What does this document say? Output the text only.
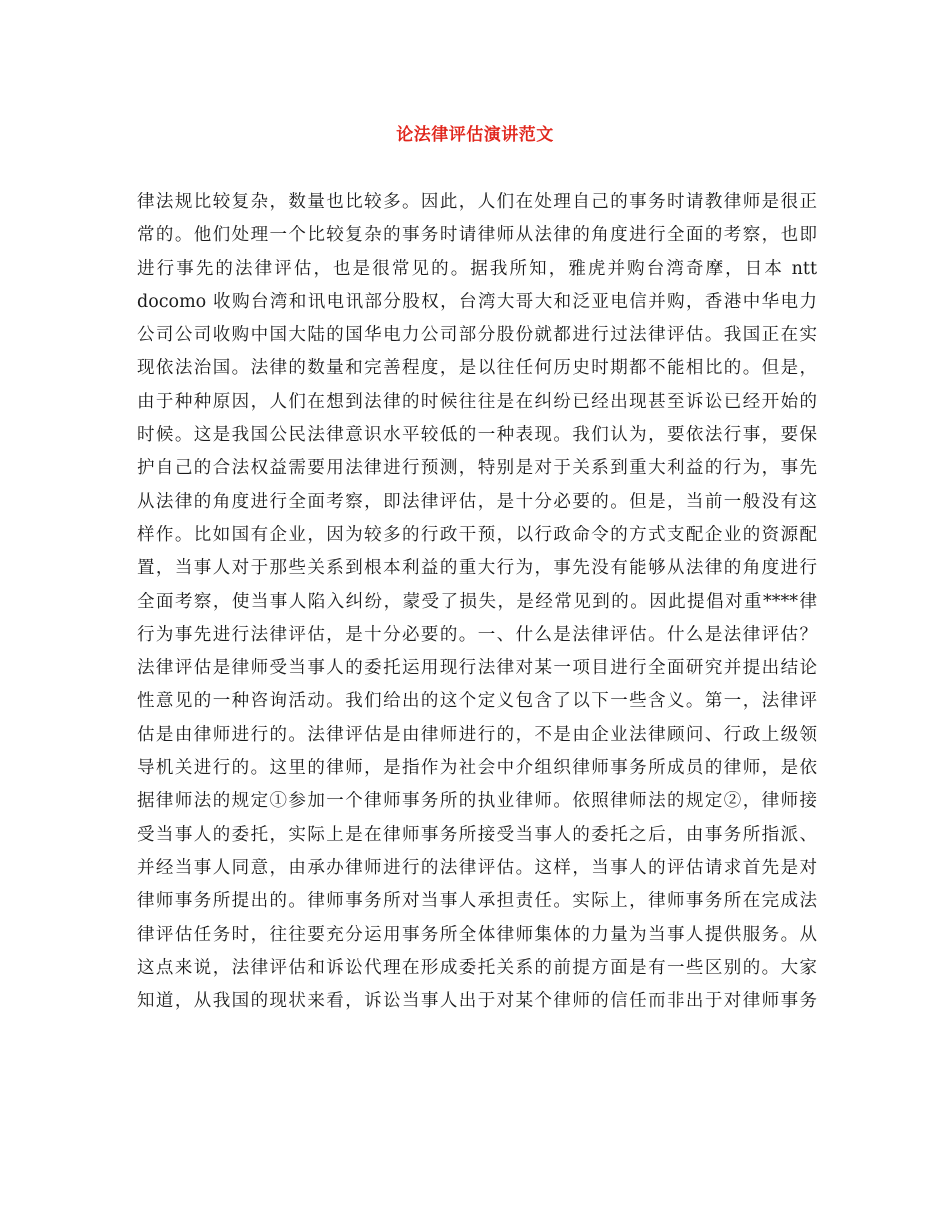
论法律评估演讲范文
律法规比较复杂，数量也比较多。因此，人们在处理自己的事务时请教律师是很正
常的。他们处理一个比较复杂的事务时请律师从法律的角度进行全面的考察，也即
进行事先的法律评估，也是很常见的。据我所知，雅虎并购台湾奇摩，日本 ntt
docomo 收购台湾和讯电讯部分股权，台湾大哥大和泛亚电信并购，香港中华电力
公司公司收购中国大陆的国华电力公司部分股份就都进行过法律评估。我国正在实
现依法治国。法律的数量和完善程度，是以往任何历史时期都不能相比的。但是，
由于种种原因，人们在想到法律的时候往往是在纠纷已经出现甚至诉讼已经开始的
时候。这是我国公民法律意识水平较低的一种表现。我们认为，要依法行事，要保
护自己的合法权益需要用法律进行预测，特别是对于关系到重大利益的行为，事先
从法律的角度进行全面考察，即法律评估，是十分必要的。但是，当前一般没有这
样作。比如国有企业，因为较多的行政干预，以行政命令的方式支配企业的资源配
置，当事人对于那些关系到根本利益的重大行为，事先没有能够从法律的角度进行
全面考察，使当事人陷入纠纷，蒙受了损失，是经常见到的。因此提倡对重****律
行为事先进行法律评估，是十分必要的。一、什么是法律评估。什么是法律评估？
法律评估是律师受当事人的委托运用现行法律对某一项目进行全面研究并提出结论
性意见的一种咨询活动。我们给出的这个定义包含了以下一些含义。第一，法律评
估是由律师进行的。法律评估是由律师进行的，不是由企业法律顾问、行政上级领
导机关进行的。这里的律师，是指作为社会中介组织律师事务所成员的律师，是依
据律师法的规定①参加一个律师事务所的执业律师。依照律师法的规定②，律师接
受当事人的委托，实际上是在律师事务所接受当事人的委托之后，由事务所指派、
并经当事人同意，由承办律师进行的法律评估。这样，当事人的评估请求首先是对
律师事务所提出的。律师事务所对当事人承担责任。实际上，律师事务所在完成法
律评估任务时，往往要充分运用事务所全体律师集体的力量为当事人提供服务。从
这点来说，法律评估和诉讼代理在形成委托关系的前提方面是有一些区别的。大家
知道，从我国的现状来看，诉讼当事人出于对某个律师的信任而非出于对律师事务
